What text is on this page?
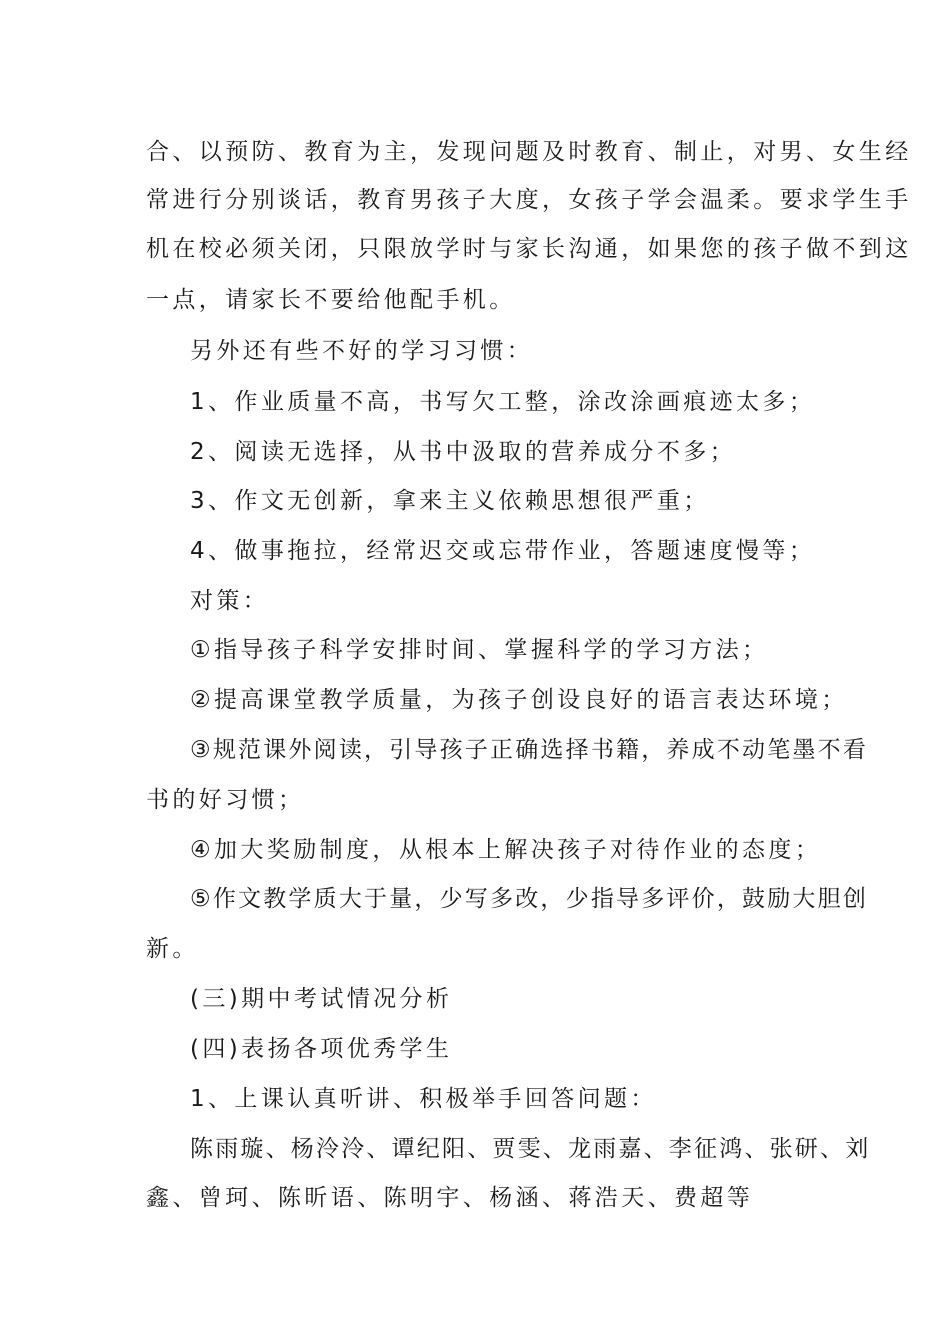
合、以预防、教育为主，发现问题及时教育、制止，对男、女生经
常进行分别谈话，教育男孩子大度，女孩子学会温柔。要求学生手
机在校必须关闭，只限放学时与家长沟通，如果您的孩子做不到这
一点，请家长不要给他配手机。
另外还有些不好的学习习惯：
1、作业质量不高，书写欠工整，涂改涂画痕迹太多；
2、阅读无选择，从书中汲取的营养成分不多；
3、作文无创新，拿来主义依赖思想很严重；
4、做事拖拉，经常迟交或忘带作业，答题速度慢等；
对策：
①指导孩子科学安排时间、掌握科学的学习方法；
②提高课堂教学质量，为孩子创设良好的语言表达环境；
③规范课外阅读，引导孩子正确选择书籍，养成不动笔墨不看
书的好习惯；
④加大奖励制度，从根本上解决孩子对待作业的态度；
⑤作文教学质大于量，少写多改，少指导多评价，鼓励大胆创
新。
(三)期中考试情况分析
(四)表扬各项优秀学生
1、上课认真听讲、积极举手回答问题：
陈雨璇、杨泠泠、谭纪阳、贾雯、龙雨嘉、李征鸿、张研、刘
鑫、曾珂、陈昕语、陈明宇、杨涵、蒋浩天、费超等
